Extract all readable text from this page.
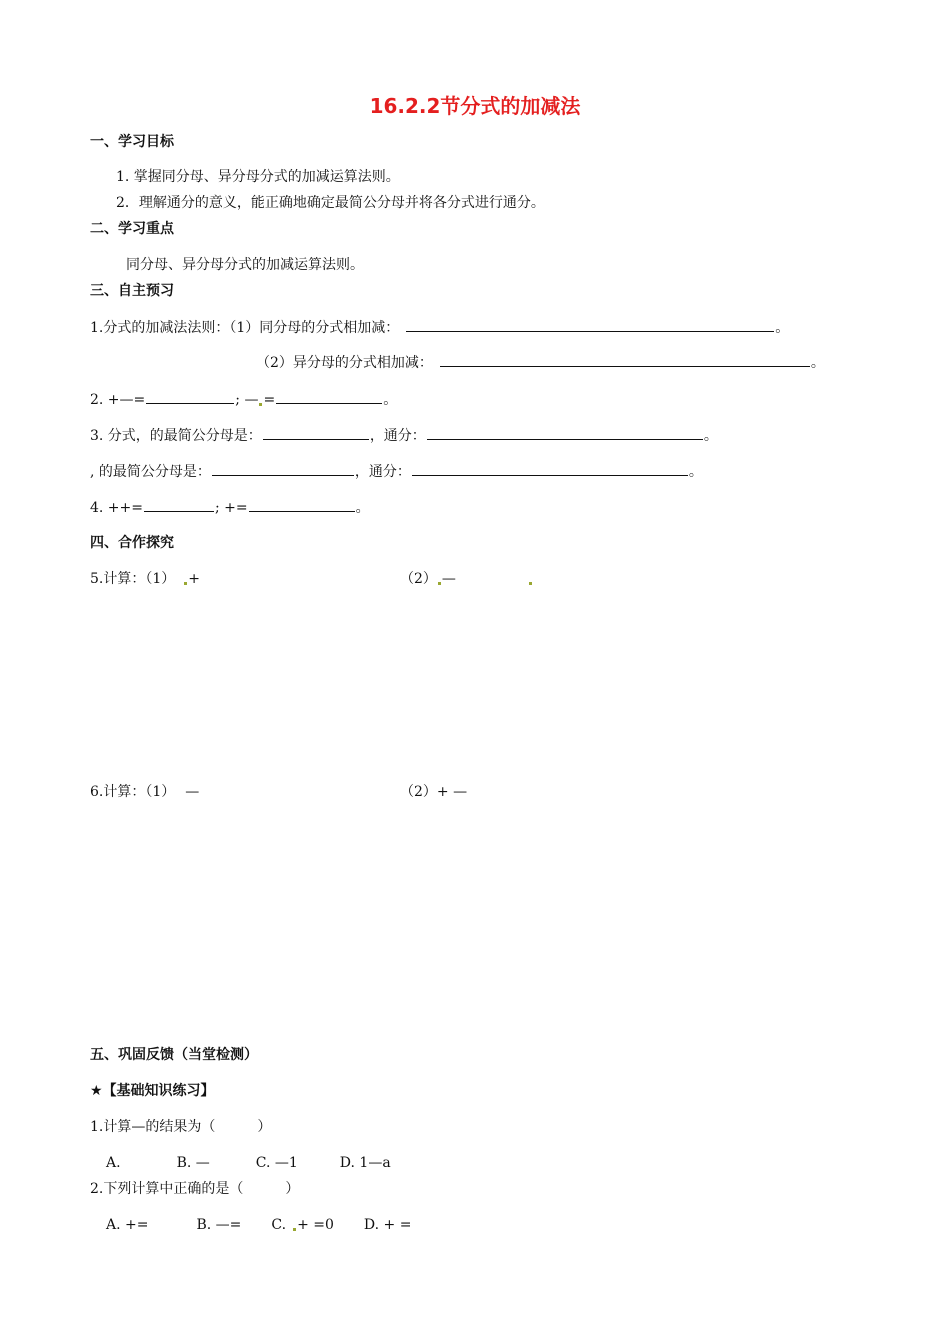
16.2.2节分式的加减法
一、学习目标
1. 掌握同分母、异分母分式的加减运算法则。
2．理解通分的意义，能正确地确定最简公分母并将各分式进行通分。
二、学习重点
同分母、异分母分式的加减运算法则。
三、自主预习
1.分式的加减法法则：（1）同分母的分式相加减：	。
（2）异分母的分式相加减：	。
2. +—=	; — =	。
3. 分式，的最简公分母是：	，通分：	。
, 的最简公分母是：	，通分：	。
4. ++=	; +=	。
四、合作探究
5.计算：（1） +	（2） —
6.计算：（1） —	（2）+ —
五、巩固反馈（当堂检测）
★【基础知识练习】
1.计算—的结果为（　　　）
A.	B. —	C. —1	D. 1—a
2.下列计算中正确的是（　　　）
A. +=	B. —= C. + =0 D. + =
